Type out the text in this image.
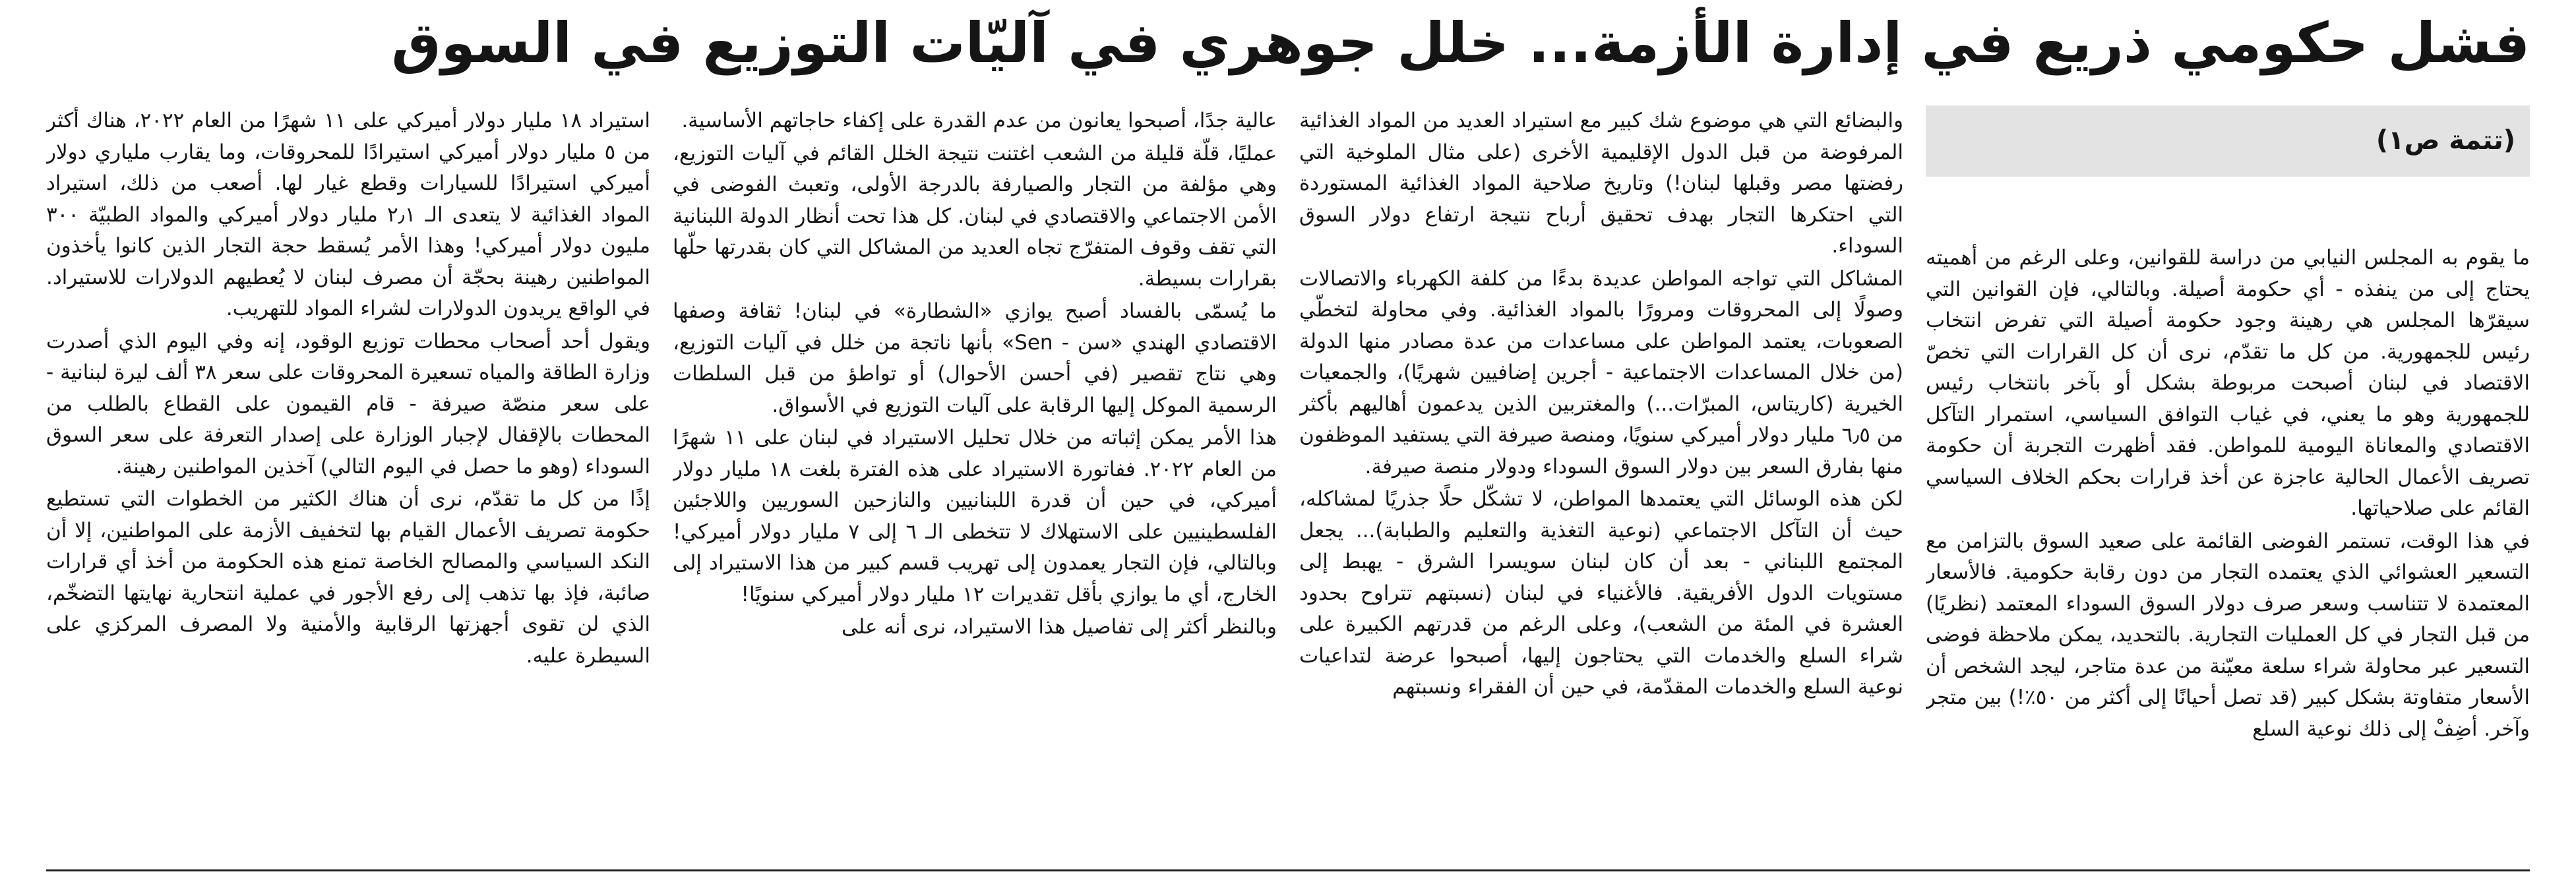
فشل حكومي ذريع في إدارة الأزمة... خلل جوهري في آليّات التوزيع في السوق
(تتمة ص١)

ما يقوم به المجلس النيابي من دراسة للقوانين، وعلى الرغم من أهميته يحتاج إلى من ينفذه - أي حكومة أصيلة. وبالتالي، فإن القوانين التي سيقرّها المجلس هي رهينة وجود حكومة أصيلة التي تفرض انتخاب رئيس للجمهورية. من كل ما تقدّم، نرى أن كل القرارات التي تخصّ الاقتصاد في لبنان أصبحت مربوطة بشكل أو بآخر بانتخاب رئيس للجمهورية وهو ما يعني، في غياب التوافق السياسي، استمرار التآكل الاقتصادي والمعاناة اليومية للمواطن. فقد أظهرت التجربة أن حكومة تصريف الأعمال الحالية عاجزة عن أخذ قرارات بحكم الخلاف السياسي القائم على صلاحياتها.

في هذا الوقت، تستمر الفوضى القائمة على صعيد السوق بالتزامن مع التسعير العشوائي الذي يعتمده التجار من دون رقابة حكومية. فالأسعار المعتمدة لا تتناسب وسعر صرف دولار السوق السوداء المعتمد (نظريًا) من قبل التجار في كل العمليات التجارية. بالتحديد، يمكن ملاحظة فوضى التسعير عبر محاولة شراء سلعة معيّنة من عدة متاجر، ليجد الشخص أن الأسعار متفاوتة بشكل كبير (قد تصل أحيانًا إلى أكثر من ٥٠٪!) بين متجر وآخر. أضِفْ إلى ذلك نوعية السلع

والبضائع التي هي موضوع شك كبير مع استيراد العديد من المواد الغذائية المرفوضة من قبل الدول الإقليمية الأخرى (على مثال الملوخية التي رفضتها مصر وقبلها لبنان!) وتاريخ صلاحية المواد الغذائية المستوردة التي احتكرها التجار بهدف تحقيق أرباح نتيجة ارتفاع دولار السوق السوداء.

المشاكل التي تواجه المواطن عديدة بدءًا من كلفة الكهرباء والاتصالات وصولًا إلى المحروقات ومرورًا بالمواد الغذائية. وفي محاولة لتخطّي الصعوبات، يعتمد المواطن على مساعدات من عدة مصادر منها الدولة (من خلال المساعدات الاجتماعية - أجرين إضافيين شهريًا)، والجمعيات الخيرية (كاريتاس، المبرّات...) والمغتربين الذين يدعمون أهاليهم بأكثر من ٦٫٥ مليار دولار أميركي سنويًا، ومنصة صيرفة التي يستفيد الموظفون منها بفارق السعر بين دولار السوق السوداء ودولار منصة صيرفة.

لكن هذه الوسائل التي يعتمدها المواطن، لا تشكّل حلًا جذريًا لمشاكله، حيث أن التآكل الاجتماعي (نوعية التغذية والتعليم والطبابة)... يجعل المجتمع اللبناني - بعد أن كان لبنان سويسرا الشرق - يهبط إلى مستويات الدول الأفريقية. فالأغنياء في لبنان (نسبتهم تتراوح بحدود العشرة في المئة من الشعب)، وعلى الرغم من قدرتهم الكبيرة على شراء السلع والخدمات التي يحتاجون إليها، أصبحوا عرضة لتداعيات نوعية السلع والخدمات المقدّمة، في حين أن الفقراء ونسبتهم

عالية جدًا، أصبحوا يعانون من عدم القدرة على إكفاء حاجاتهم الأساسية.

عمليًا، قلّة قليلة من الشعب اغتنت نتيجة الخلل القائم في آليات التوزيع، وهي مؤلفة من التجار والصيارفة بالدرجة الأولى، وتعبث الفوضى في الأمن الاجتماعي والاقتصادي في لبنان. كل هذا تحت أنظار الدولة اللبنانية التي تقف وقوف المتفرّج تجاه العديد من المشاكل التي كان بقدرتها حلّها بقرارات بسيطة.

ما يُسمّى بالفساد أصبح يوازي «الشطارة» في لبنان! ثقافة وصفها الاقتصادي الهندي «سن - Sen» بأنها ناتجة من خلل في آليات التوزيع، وهي نتاج تقصير (في أحسن الأحوال) أو تواطؤ من قبل السلطات الرسمية الموكل إليها الرقابة على آليات التوزيع في الأسواق.

هذا الأمر يمكن إثباته من خلال تحليل الاستيراد في لبنان على ١١ شهرًا من العام ٢٠٢٢. ففاتورة الاستيراد على هذه الفترة بلغت ١٨ مليار دولار أميركي، في حين أن قدرة اللبنانيين والنازحين السوريين واللاجئين الفلسطينيين على الاستهلاك لا تتخطى الـ ٦ إلى ٧ مليار دولار أميركي! وبالتالي، فإن التجار يعمدون إلى تهريب قسم كبير من هذا الاستيراد إلى الخارج، أي ما يوازي بأقل تقديرات ١٢ مليار دولار أميركي سنويًا!

وبالنظر أكثر إلى تفاصيل هذا الاستيراد، نرى أنه على

استيراد ١٨ مليار دولار أميركي على ١١ شهرًا من العام ٢٠٢٢، هناك أكثر من ٥ مليار دولار أميركي استيرادًا للمحروقات، وما يقارب ملياري دولار أميركي استيرادًا للسيارات وقطع غيار لها. أصعب من ذلك، استيراد المواد الغذائية لا يتعدى الـ ٢٫١ مليار دولار أميركي والمواد الطبيّة ٣٠٠ مليون دولار أميركي! وهذا الأمر يُسقط حجة التجار الذين كانوا يأخذون المواطنين رهينة بحجّة أن مصرف لبنان لا يُعطيهم الدولارات للاستيراد. في الواقع يريدون الدولارات لشراء المواد للتهريب.

ويقول أحد أصحاب محطات توزيع الوقود، إنه وفي اليوم الذي أصدرت وزارة الطاقة والمياه تسعيرة المحروقات على سعر ٣٨ ألف ليرة لبنانية - على سعر منصّة صيرفة - قام القيمون على القطاع بالطلب من المحطات بالإقفال لإجبار الوزارة على إصدار التعرفة على سعر السوق السوداء (وهو ما حصل في اليوم التالي) آخذين المواطنين رهينة.

إذًا من كل ما تقدّم، نرى أن هناك الكثير من الخطوات التي تستطيع حكومة تصريف الأعمال القيام بها لتخفيف الأزمة على المواطنين، إلا أن النكد السياسي والمصالح الخاصة تمنع هذه الحكومة من أخذ أي قرارات صائبة، فإذ بها تذهب إلى رفع الأجور في عملية انتحارية نهايتها التضخّم، الذي لن تقوى أجهزتها الرقابية والأمنية ولا المصرف المركزي على السيطرة عليه.
